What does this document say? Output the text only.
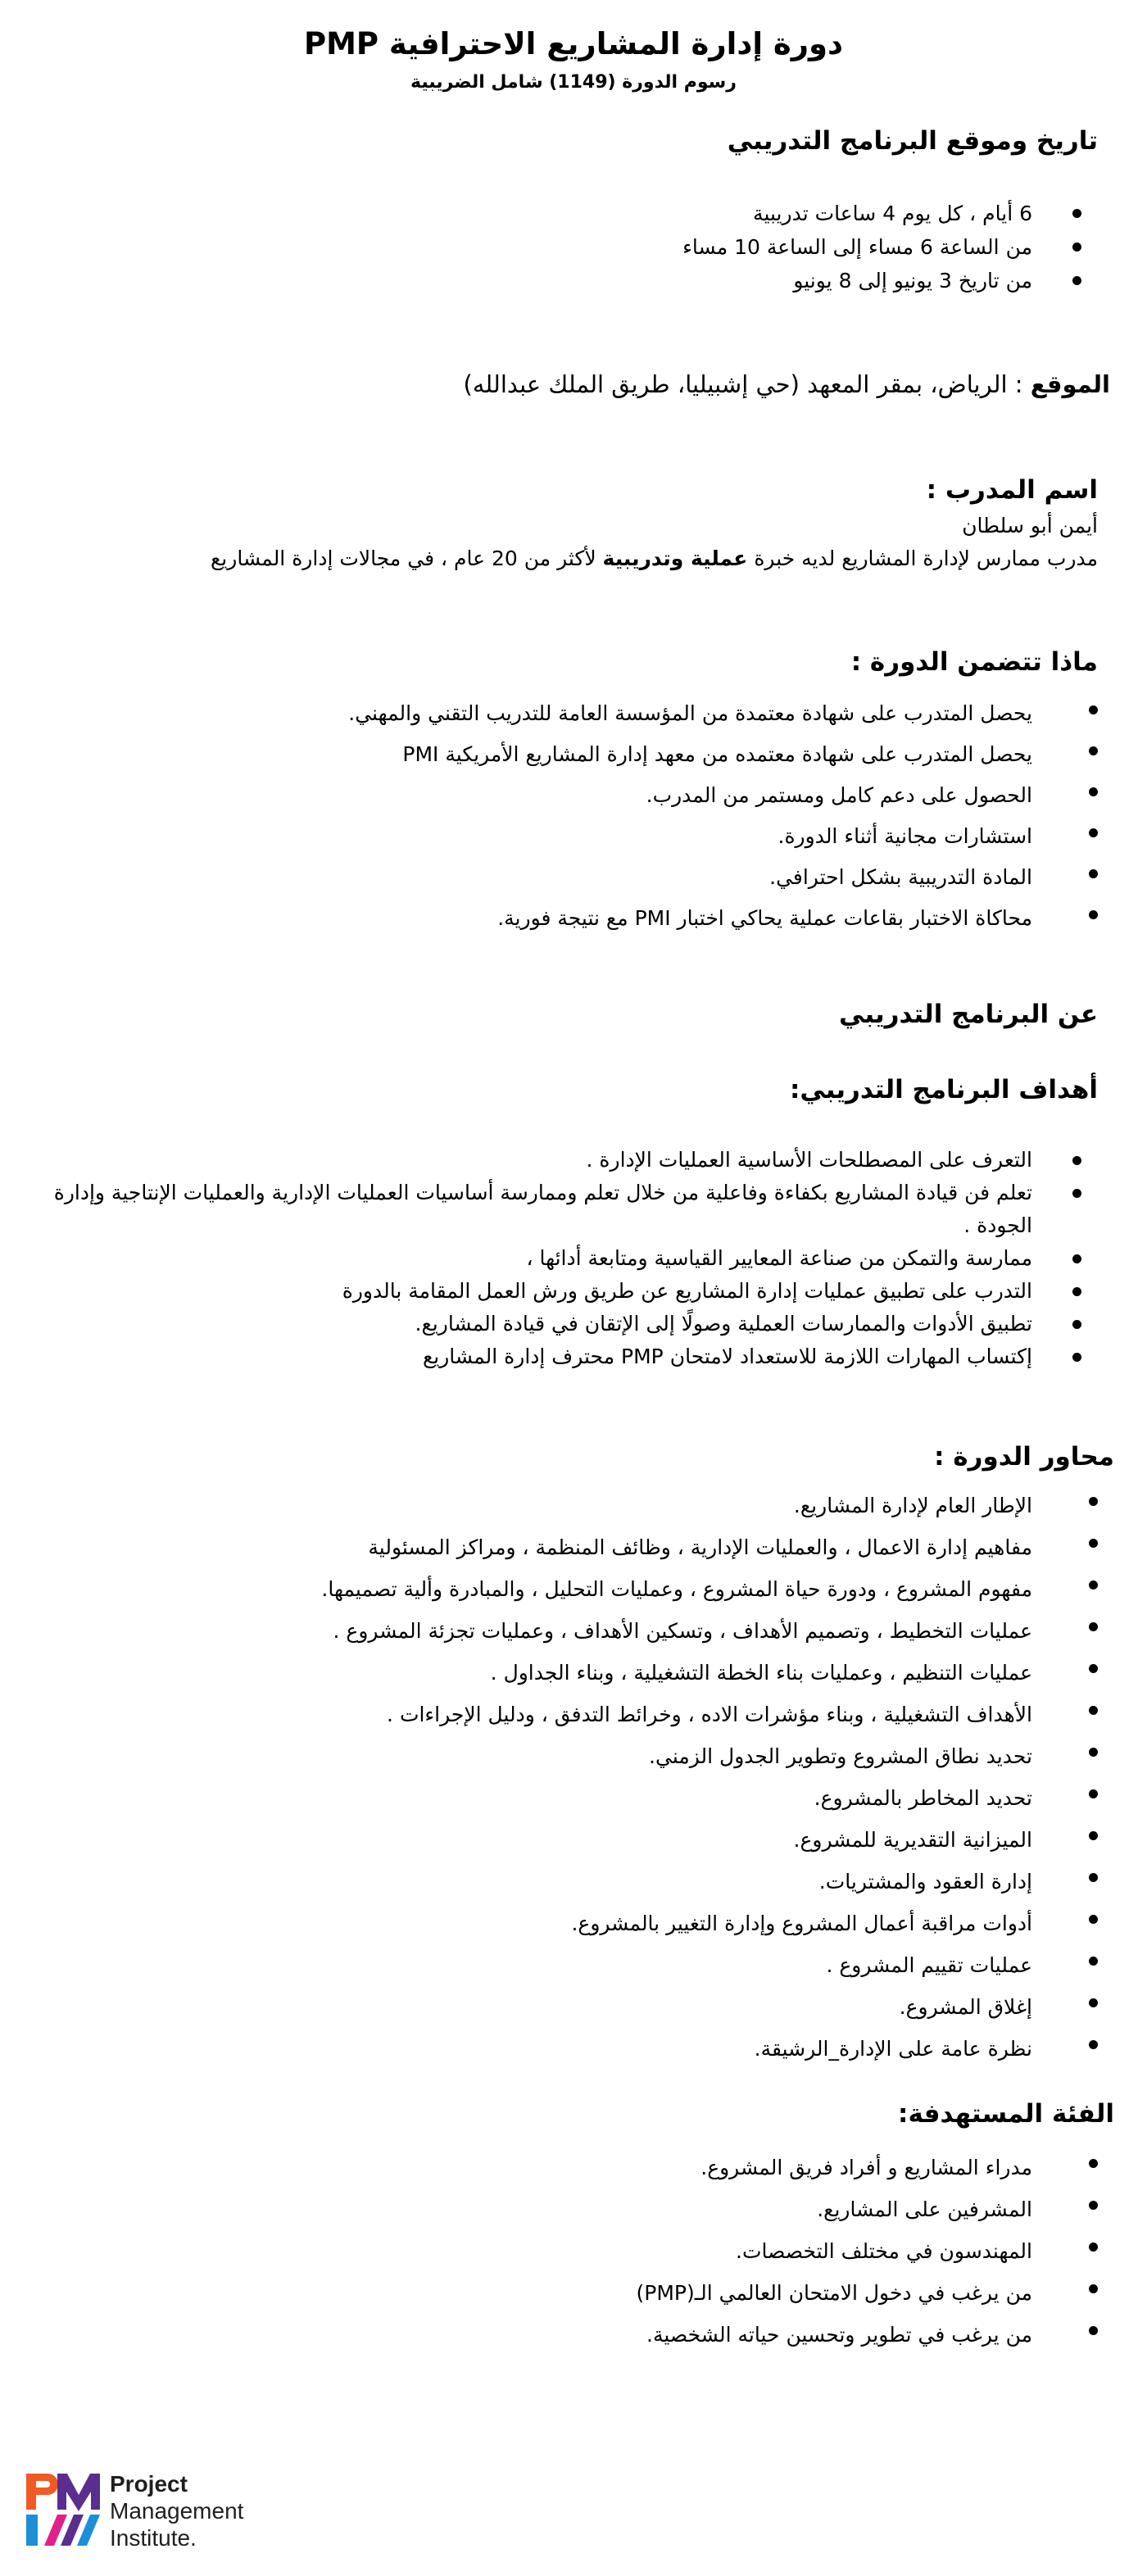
دورة إدارة المشاريع الاحترافية PMP
رسوم الدورة (1149) شامل الضريبية
تاريخ وموقع البرنامج التدريبي
6 أيام ، كل يوم 4 ساعات تدريبية
من الساعة 6 مساء إلى الساعة 10 مساء
من تاريخ 3 يونيو إلى 8 يونيو
الموقع : الرياض، بمقر المعهد (حي إشبيليا، طريق الملك عبدالله)
اسم المدرب :
أيمن أبو سلطان
مدرب ممارس لإدارة المشاريع لديه خبرة عملية وتدريبية لأكثر من 20 عام ، في مجالات إدارة المشاريع
ماذا تتضمن الدورة :
يحصل المتدرب على شهادة معتمدة من المؤسسة العامة للتدريب التقني والمهني.
يحصل المتدرب على شهادة معتمده من معهد إدارة المشاريع الأمريكية PMI
الحصول على دعم كامل ومستمر من المدرب.
استشارات مجانية أثناء الدورة.
المادة التدريبية بشكل احترافي.
محاكاة الاختبار بقاعات عملية يحاكي اختبار PMI مع نتيجة فورية.
عن البرنامج التدريبي
أهداف البرنامج التدريبي:
التعرف على المصطلحات الأساسية العمليات الإدارة .
تعلم فن قيادة المشاريع بكفاءة وفاعلية من خلال تعلم وممارسة أساسيات العمليات الإدارية والعمليات الإنتاجية وإدارة الجودة .
ممارسة والتمكن من صناعة المعايير القياسية ومتابعة أدائها ،
التدرب على تطبيق عمليات إدارة المشاريع عن طريق ورش العمل المقامة بالدورة
تطبيق الأدوات والممارسات العملية وصولًا إلى الإتقان في قيادة المشاريع.
إكتساب المهارات اللازمة للاستعداد لامتحان PMP محترف إدارة المشاريع
محاور الدورة :
الإطار العام لإدارة المشاريع.
مفاهيم إدارة الاعمال ، والعمليات الإدارية ، وظائف المنظمة ، ومراكز المسئولية
مفهوم المشروع ، ودورة حياة المشروع ، وعمليات التحليل ، والمبادرة وألية تصميمها.
عمليات التخطيط ، وتصميم الأهداف ، وتسكين الأهداف ، وعمليات تجزئة المشروع .
عمليات التنظيم ، وعمليات بناء الخطة التشغيلية ، وبناء الجداول .
الأهداف التشغيلية ، وبناء مؤشرات الاده ، وخرائط التدفق ، ودليل الإجراءات .
تحديد نطاق المشروع وتطوير الجدول الزمني.
تحديد المخاطر بالمشروع.
الميزانية التقديرية للمشروع.
إدارة العقود والمشتريات.
أدوات مراقبة أعمال المشروع وإدارة التغيير بالمشروع.
عمليات تقييم المشروع .
إغلاق المشروع.
نظرة عامة على الإدارة_الرشيقة.
الفئة المستهدفة:
مدراء المشاريع و أفراد فريق المشروع.
المشرفين على المشاريع.
المهندسون في مختلف التخصصات.
من يرغب في دخول الامتحان العالمي الـ(PMP)
من يرغب في تطوير وتحسين حياته الشخصية.
Project
Management
Institute.
